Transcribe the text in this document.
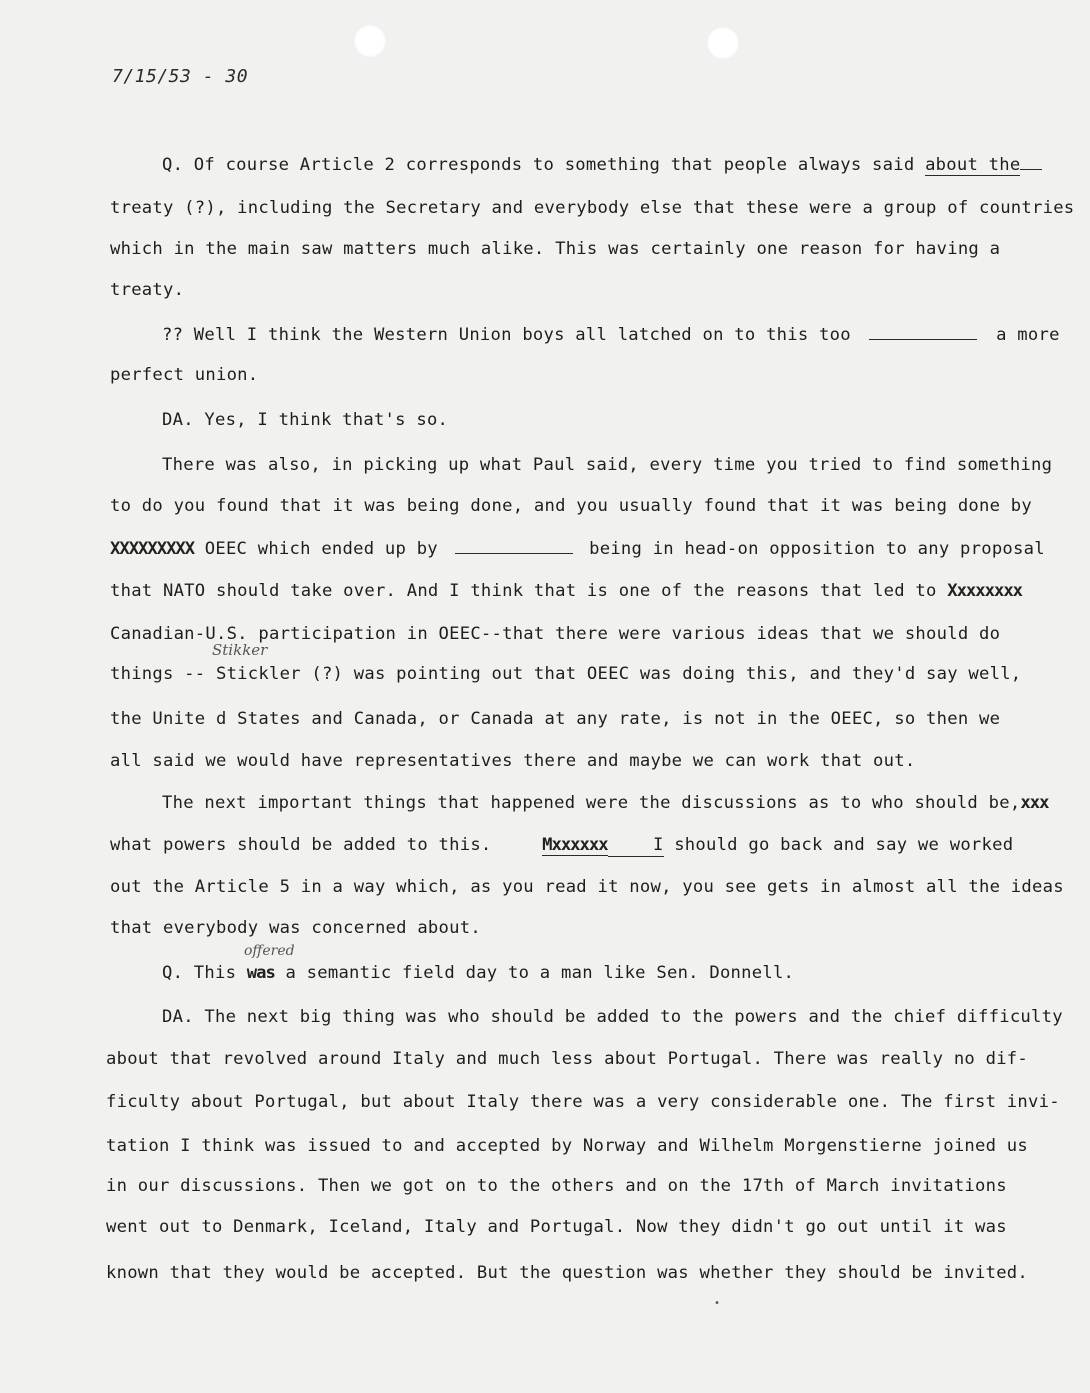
7/15/53 - 30
Q. Of course Article 2 corresponds to something that people always said about the
treaty (?), including the Secretary and everybody else that these were a group of countries
which in the main saw matters much alike. This was certainly one reason for having a
treaty.
?? Well I think the Western Union boys all latched on to this too	a more
perfect union.
DA. Yes, I think that's so.
There was also, in picking up what Paul said, every time you tried to find something
to do you found that it was being done, and you usually found that it was being done by
XXXXXXXXX OEEC which ended up by	being in head-on opposition to any proposal
that NATO should take over. And I think that is one of the reasons that led to Xxxxxxxx
Canadian-U.S. participation in OEEC--that there were various ideas that we should do
things -- Stickler (?) was pointing out that OEEC was doing this, and they'd say well,
the Unite d States and Canada, or Canada at any rate, is not in the OEEC, so then we
all said we would have representatives there and maybe we can work that out.
The next important things that happened were the discussions as to who should be,xxx
what powers should be added to this.	Mxxxxxx	I should go back and say we worked
out the Article 5 in a way which, as you read it now, you see gets in almost all the ideas
that everybody was concerned about.
Q. This was a semantic field day to a man like Sen. Donnell.
DA. The next big thing was who should be added to the powers and the chief difficulty
about that revolved around Italy and much less about Portugal. There was really no dif-
ficulty about Portugal, but about Italy there was a very considerable one. The first invi-
tation I think was issued to and accepted by Norway and Wilhelm Morgenstierne joined us
in our discussions. Then we got on to the others and on the 17th of March invitations
went out to Denmark, Iceland, Italy and Portugal. Now they didn't go out until it was
known that they would be accepted. But the question was whether they should be invited.
Stikker
offered
•
